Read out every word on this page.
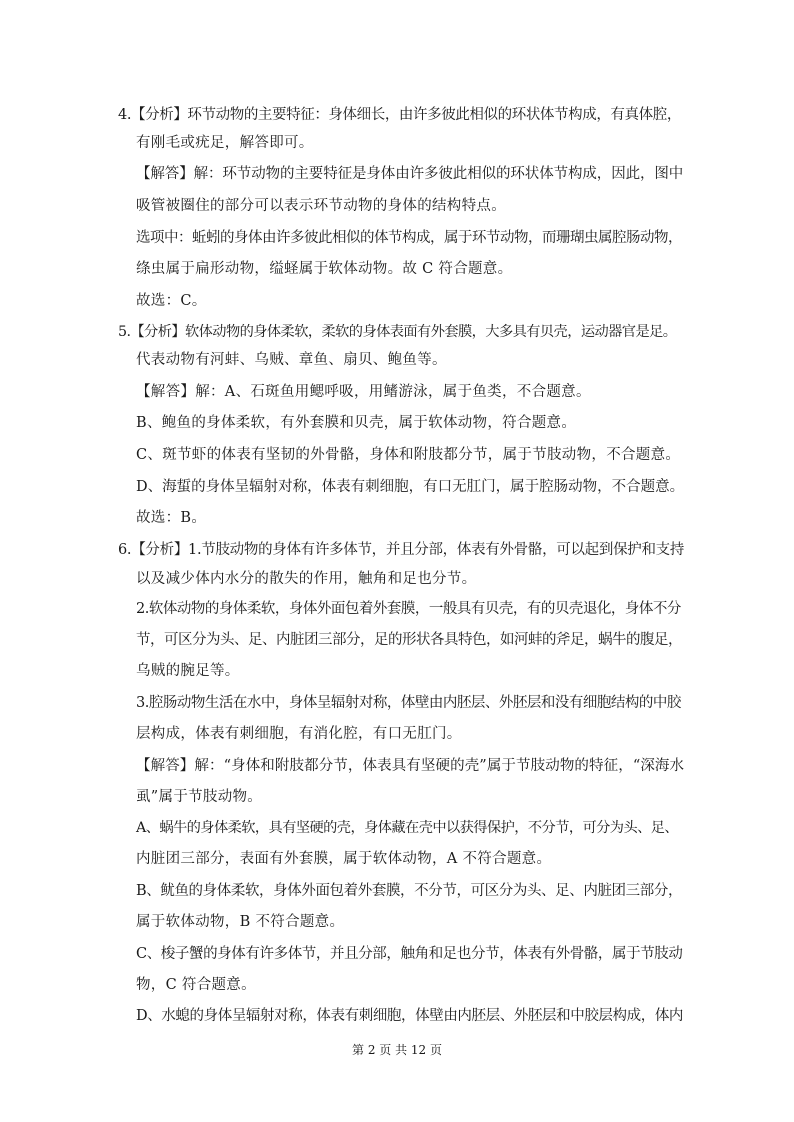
4.【分析】环节动物的主要特征：身体细长，由许多彼此相似的环状体节构成，有真体腔，
有刚毛或疣足，解答即可。
【解答】解：环节动物的主要特征是身体由许多彼此相似的环状体节构成，因此，图中
吸管被圈住的部分可以表示环节动物的身体的结构特点。
选项中：蚯蚓的身体由许多彼此相似的体节构成，属于环节动物，而珊瑚虫属腔肠动物，
绦虫属于扁形动物，缢蛏属于软体动物。故 C 符合题意。
故选：C。
5.【分析】软体动物的身体柔软，柔软的身体表面有外套膜，大多具有贝壳，运动器官是足。
代表动物有河蚌、乌贼、章鱼、扇贝、鲍鱼等。
【解答】解：A、石斑鱼用鳃呼吸，用鳍游泳，属于鱼类，不合题意。
B、鲍鱼的身体柔软，有外套膜和贝壳，属于软体动物，符合题意。
C、斑节虾的体表有坚韧的外骨骼，身体和附肢都分节，属于节肢动物，不合题意。
D、海蜇的身体呈辐射对称，体表有刺细胞，有口无肛门，属于腔肠动物，不合题意。
故选：B。
6.【分析】1.节肢动物的身体有许多体节，并且分部，体表有外骨骼，可以起到保护和支持
以及减少体内水分的散失的作用，触角和足也分节。
2.软体动物的身体柔软，身体外面包着外套膜，一般具有贝壳，有的贝壳退化，身体不分
节，可区分为头、足、内脏团三部分，足的形状各具特色，如河蚌的斧足，蜗牛的腹足，
乌贼的腕足等。
3.腔肠动物生活在水中，身体呈辐射对称，体壁由内胚层、外胚层和没有细胞结构的中胶
层构成，体表有刺细胞，有消化腔，有口无肛门。
【解答】解：“身体和附肢都分节，体表具有坚硬的壳”属于节肢动物的特征，“深海水
虱”属于节肢动物。
A、蜗牛的身体柔软，具有坚硬的壳，身体藏在壳中以获得保护，不分节，可分为头、足、
内脏团三部分，表面有外套膜，属于软体动物，A 不符合题意。
B、鱿鱼的身体柔软，身体外面包着外套膜，不分节，可区分为头、足、内脏团三部分，
属于软体动物，B 不符合题意。
C、梭子蟹的身体有许多体节，并且分部，触角和足也分节，体表有外骨骼，属于节肢动
物，C 符合题意。
D、水螅的身体呈辐射对称，体表有刺细胞，体壁由内胚层、外胚层和中胶层构成，体内
第 2 页 共 12 页
